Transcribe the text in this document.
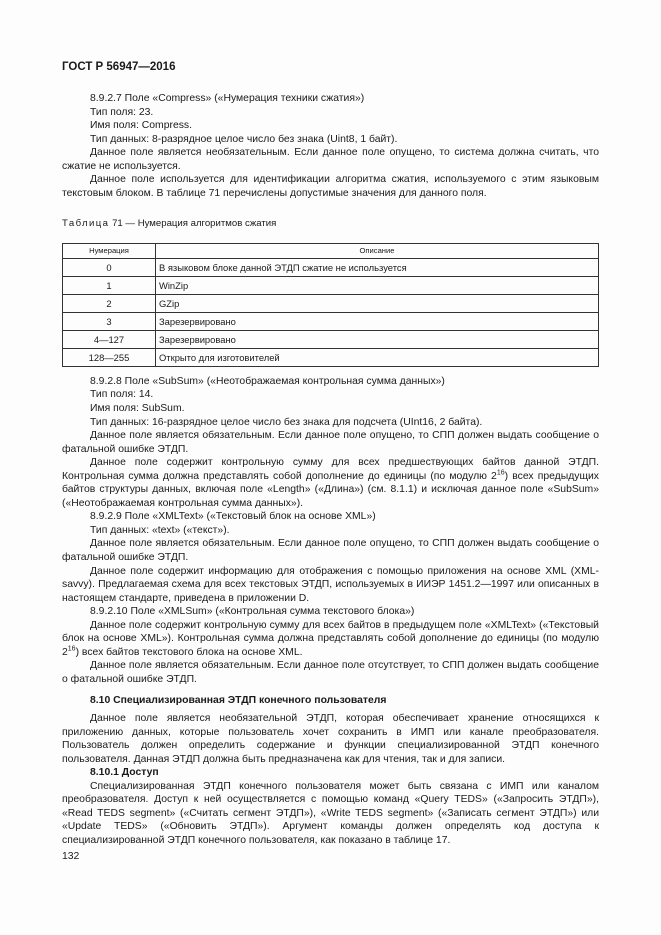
ГОСТ Р 56947—2016

8.9.2.7 Поле «Compress» («Нумерация техники сжатия»)

Тип поля: 23.

Имя поля: Compress.

Тип данных: 8-разрядное целое число без знака (Uint8, 1 байт).

Данное поле является необязательным. Если данное поле опущено, то система должна считать, что сжатие не используется.

Данное поле используется для идентификации алгоритма сжатия, используемого с этим языковым текстовым блоком. В таблице 71 перечислены допустимые значения для данного поля.

Таблица 71 — Нумерация алгоритмов сжатия
Нумерация	Описание
0	В языковом блоке данной ЭТДП сжатие не используется
1	WinZip
2	GZip
3	Зарезервировано
4—127	Зарезервировано
128—255	Открыто для изготовителей

8.9.2.8 Поле «SubSum» («Неотображаемая контрольная сумма данных»)

Тип поля: 14.

Имя поля: SubSum.

Тип данных: 16-разрядное целое число без знака для подсчета (UInt16, 2 байта).

Данное поле является обязательным. Если данное поле опущено, то СПП должен выдать сообщение о фатальной ошибке ЭТДП.

Данное поле содержит контрольную сумму для всех предшествующих байтов данной ЭТДП. Контрольная сумма должна представлять собой дополнение до единицы (по модулю $2^{16}$) всех предыдущих байтов структуры данных, включая поле «Length» («Длина») (см. 8.1.1) и исключая данное поле «SubSum» («Неотображаемая контрольная сумма данных»).

8.9.2.9 Поле «XMLText» («Текстовый блок на основе XML»)

Тип данных: «text» («текст»).

Данное поле является обязательным. Если данное поле опущено, то СПП должен выдать сообщение о фатальной ошибке ЭТДП.

Данное поле содержит информацию для отображения с помощью приложения на основе XML (XML-savvy). Предлагаемая схема для всех текстовых ЭТДП, используемых в ИИЭР 1451.2—1997 или описанных в настоящем стандарте, приведена в приложении D.

8.9.2.10 Поле «XMLSum» («Контрольная сумма текстового блока»)

Данное поле содержит контрольную сумму для всех байтов в предыдущем поле «XMLText» («Текстовый блок на основе XML»). Контрольная сумма должна представлять собой дополнение до единицы (по модулю $2^{16}$) всех байтов текстового блока на основе XML.

Данное поле является обязательным. Если данное поле отсутствует, то СПП должен выдать сообщение о фатальной ошибке ЭТДП.

8.10 Специализированная ЭТДП конечного пользователя

Данное поле является необязательной ЭТДП, которая обеспечивает хранение относящихся к приложению данных, которые пользователь хочет сохранить в ИМП или канале преобразователя. Пользователь должен определить содержание и функции специализированной ЭТДП конечного пользователя. Данная ЭТДП должна быть предназначена как для чтения, так и для записи.

8.10.1 Доступ

Специализированная ЭТДП конечного пользователя может быть связана с ИМП или каналом преобразователя. Доступ к ней осуществляется с помощью команд «Query TEDS» («Запросить ЭТДП»), «Read TEDS segment» («Считать сегмент ЭТДП»), «Write TEDS segment» («Записать сегмент ЭТДП») или «Update TEDS» («Обновить ЭТДП»). Аргумент команды должен определять код доступа к специализированной ЭТДП конечного пользователя, как показано в таблице 17.

132
